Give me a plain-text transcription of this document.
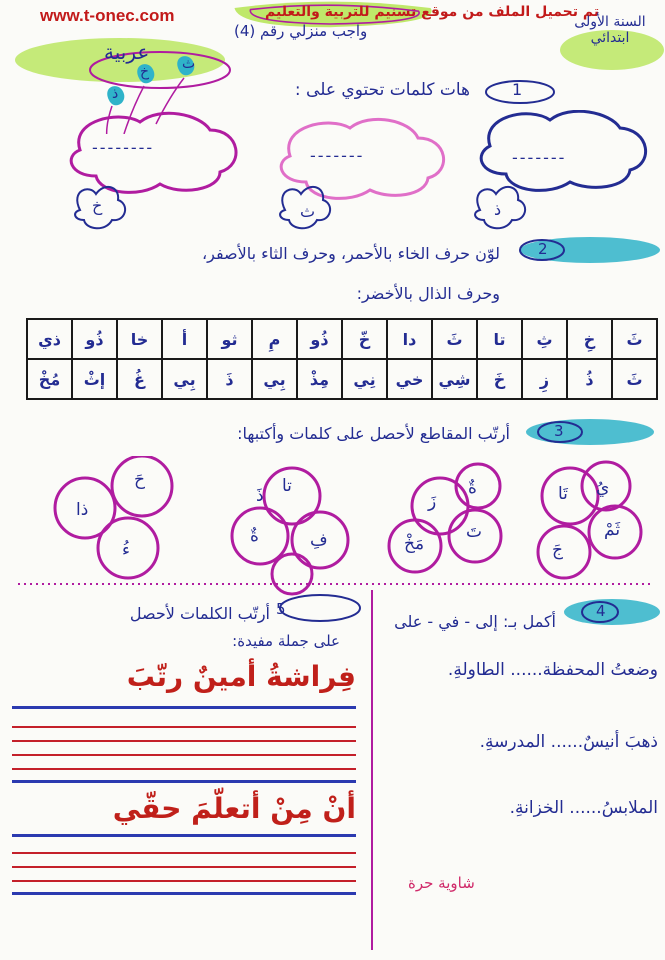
www.t-onec.com	تم تحميل الملف من موقع تسنيم للتربية والتعليم
عربية
واجب منزلي رقم (4)	السنة الأولى ابتدائي
ذ
خ ث
1
هات كلمات تحتوي على :
--------	-------	-------
خ	ث	ذ
2
لوّن حرف الخاء بالأحمر، وحرف الثاء بالأصفر،
وحرف الذال بالأخضر:
ذي	ذُو	خا	أ	ثو	مِ	ذُو	خّ	دا	ثَ	تا	ثِ	خِ	ثَ
مُخْ	إثْ	غُ	بِي	ذَ	بِي	مِذْ	نِي	خي	شِي	خَ	زِ	ذُ	ثَ
3
أرتّب المقاطع لأحصل على كلمات وأكتبها:
حَ
ذا
ءُ
تا
ذَ
ةٌ	فِ
زَ
ةٌ
مَخْ
تَ
يُ
تَا
جَ
ثَمْ
5
أرتّب الكلمات لأحصل
على جملة مفيدة:
فِراشةُ أمينٌ رتّبَ
أنْ مِنْ أتعلّمَ حقّي
4
أكمل بـ: إلى - في - على
وضعتُ المحفظة...... الطاولةِ.
ذهبَ أنيسٌ...... المدرسةِ.
الملابسُ...... الخزانةِ.
شاوية حرة
